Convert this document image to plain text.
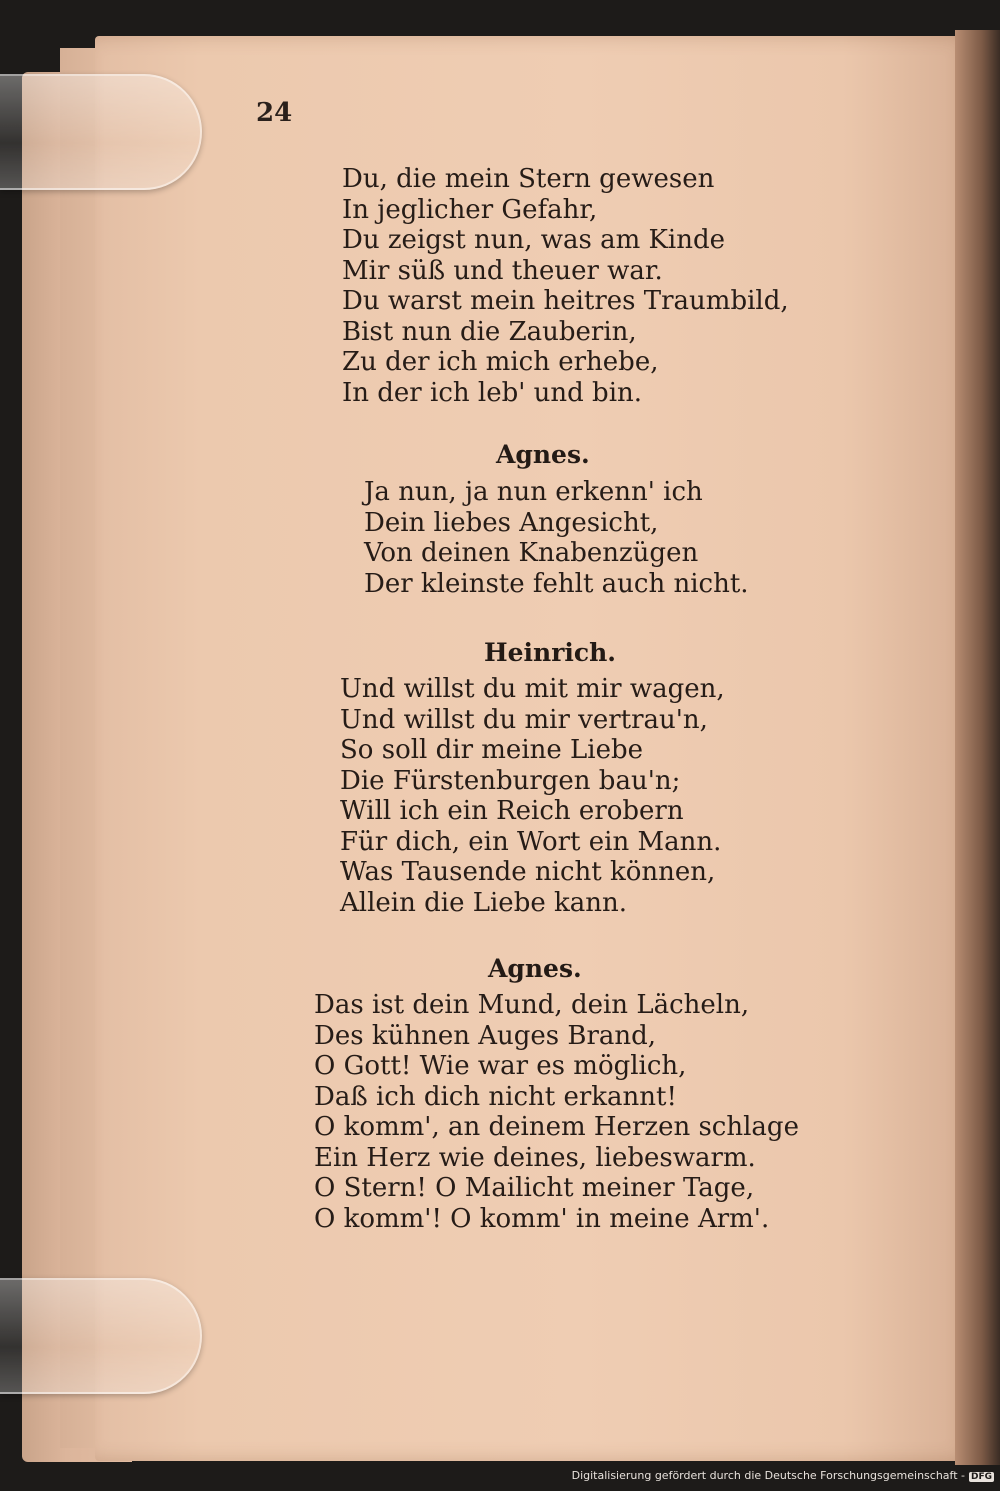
24
Du, die mein Stern gewesen
In jeglicher Gefahr,
Du zeigst nun, was am Kinde
Mir süß und theuer war.
Du warst mein heitres Traumbild,
Bist nun die Zauberin,
Zu der ich mich erhebe,
In der ich leb' und bin.
Agnes.
Ja nun, ja nun erkenn' ich
Dein liebes Angesicht,
Von deinen Knabenzügen
Der kleinste fehlt auch nicht.
Heinrich.
Und willst du mit mir wagen,
Und willst du mir vertrau'n,
So soll dir meine Liebe
Die Fürstenburgen bau'n;
Will ich ein Reich erobern
Für dich, ein Wort ein Mann.
Was Tausende nicht können,
Allein die Liebe kann.
Agnes.
Das ist dein Mund, dein Lächeln,
Des kühnen Auges Brand,
O Gott! Wie war es möglich,
Daß ich dich nicht erkannt!
O komm', an deinem Herzen schlage
Ein Herz wie deines, liebeswarm.
O Stern! O Mailicht meiner Tage,
O komm'! O komm' in meine Arm'.
Digitalisierung gefördert durch die Deutsche Forschungsgemeinschaft - DFG
